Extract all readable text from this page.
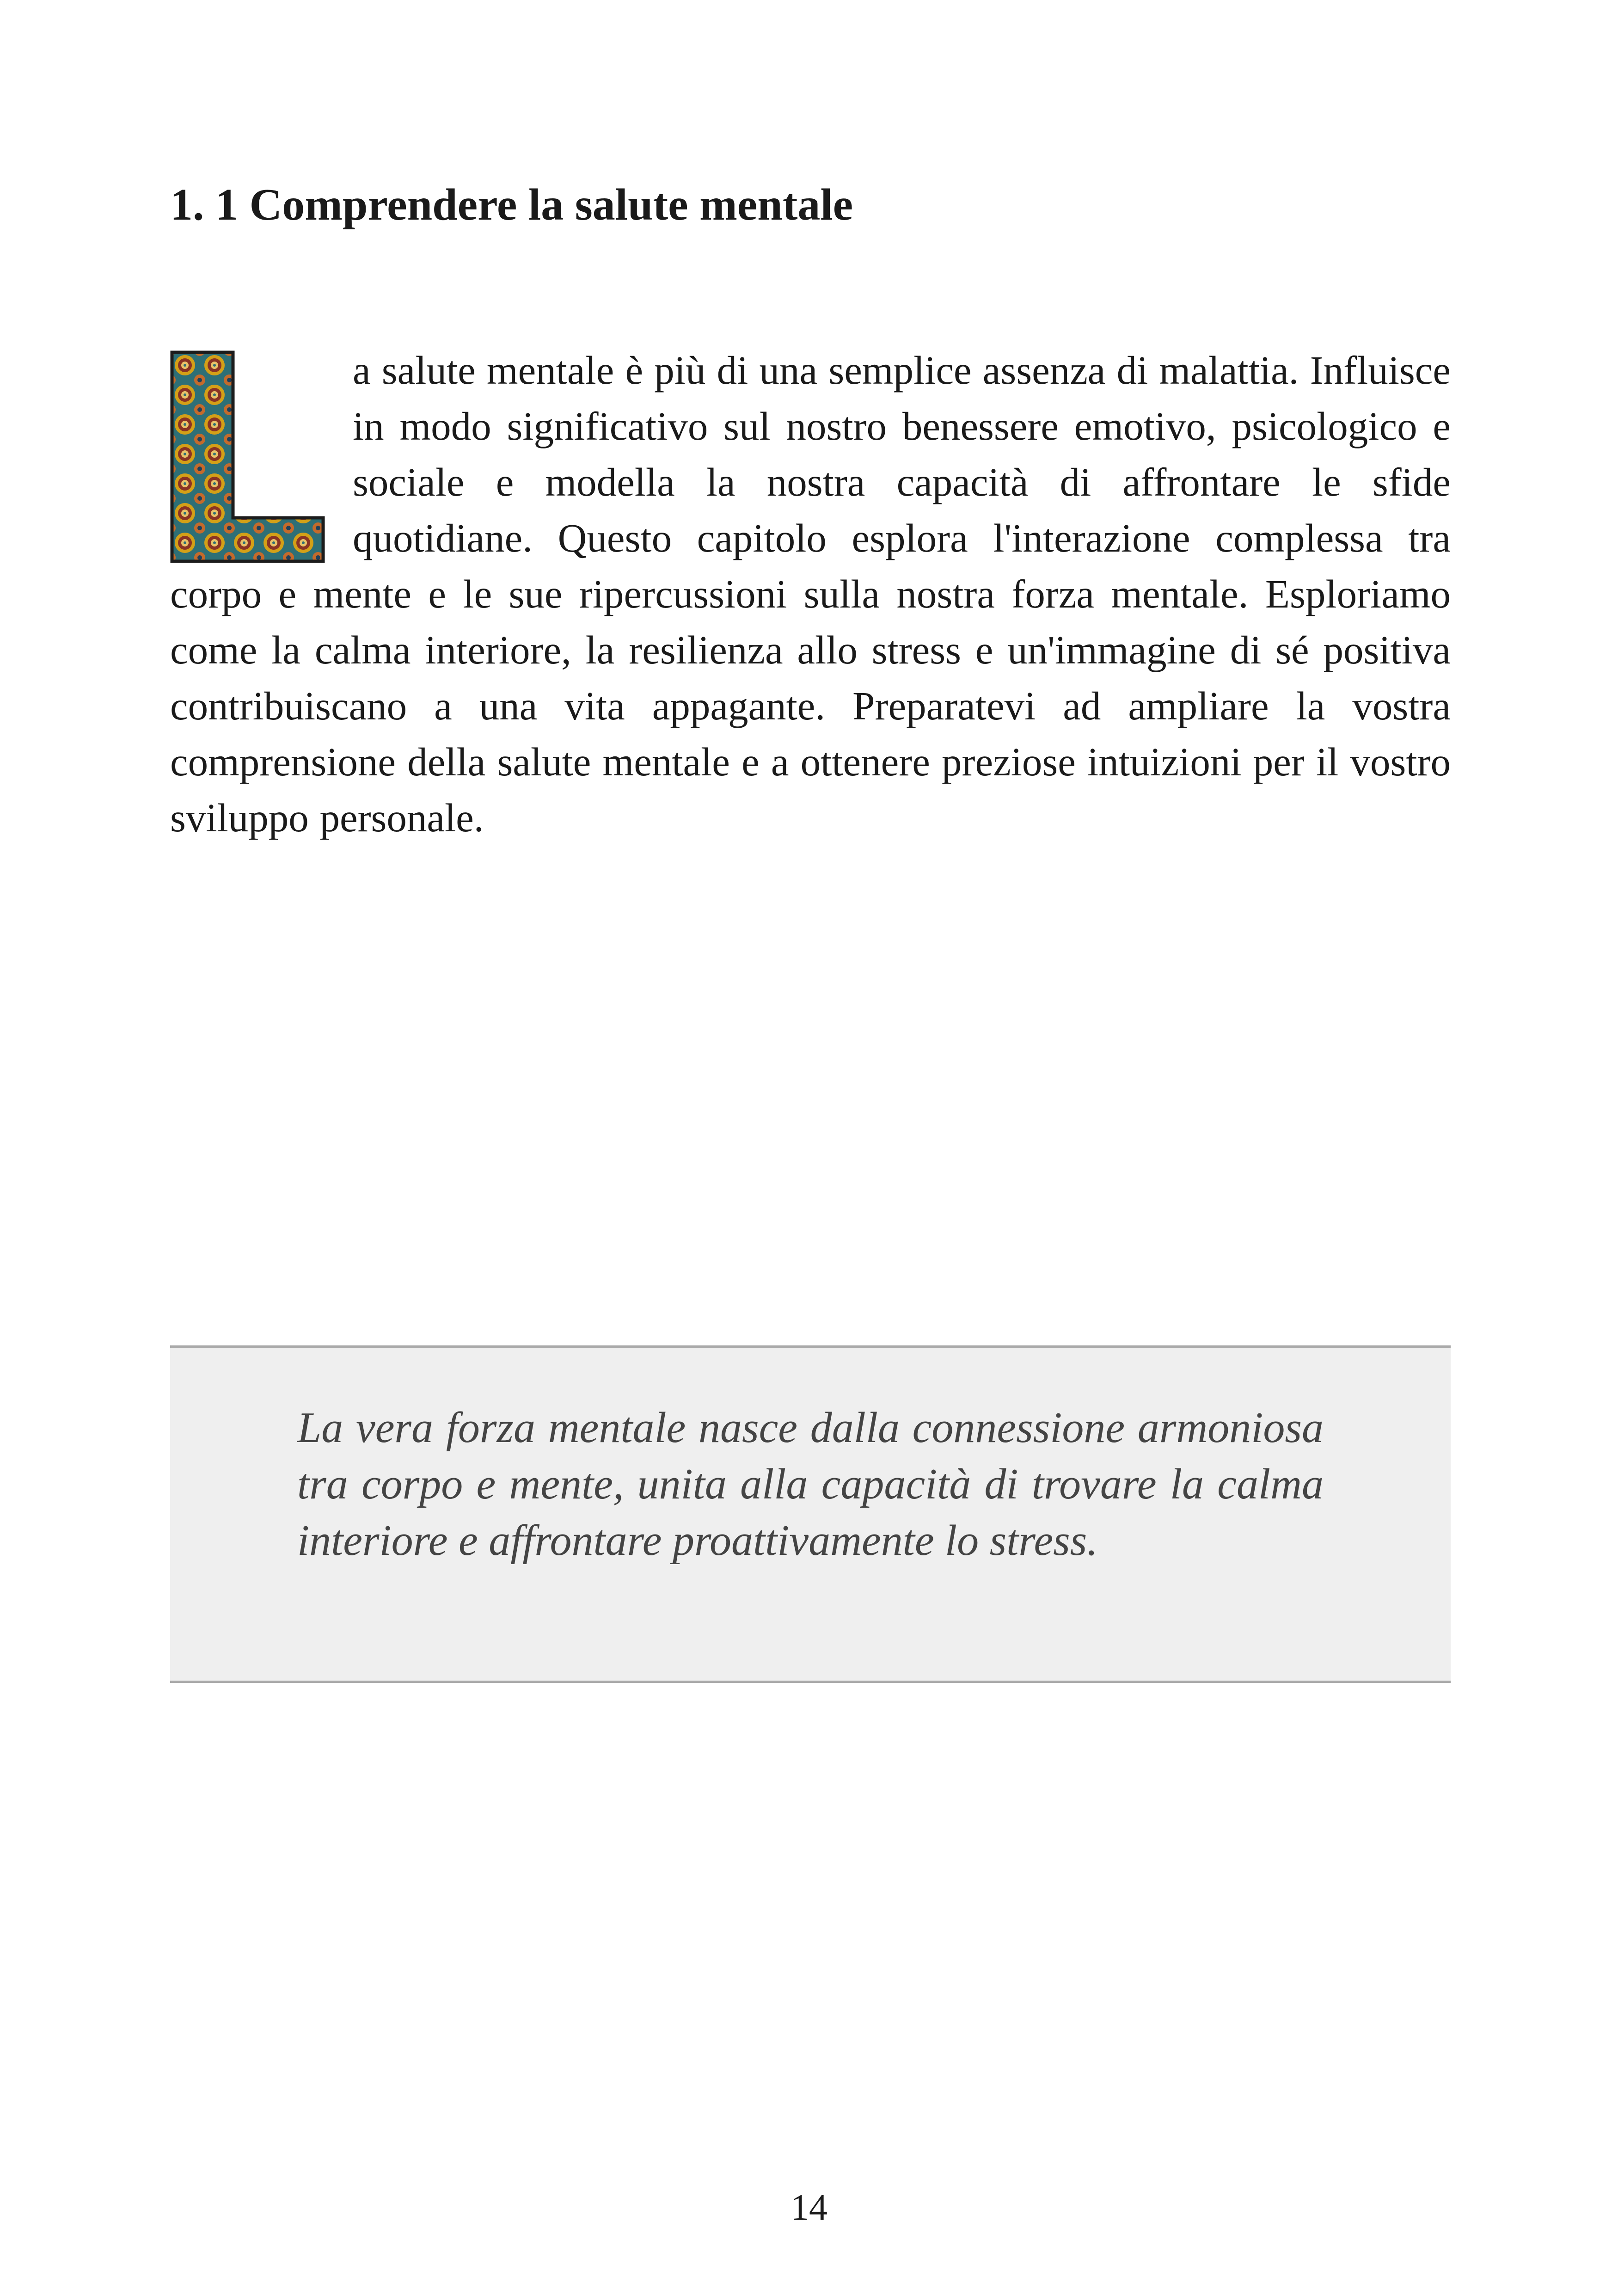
1. 1 Comprendere la salute mentale

a salute mentale è più di una semplice assenza di malattia. Influisce in modo significativo sul nostro benessere emotivo, psicologico e sociale e modella la nostra capacità di affrontare le sfide quotidiane. Questo capitolo esplora l'interazione complessa tra corpo e mente e le sue ripercussioni sulla nostra forza mentale. Esploriamo come la calma interiore, la resilienza allo stress e un'immagine di sé positiva contribuiscano a una vita appagante. Preparatevi ad ampliare la vostra comprensione della salute mentale e a ottenere preziose intuizioni per il vostro sviluppo personale.

La vera forza mentale nasce dalla connessione armoniosa tra corpo e mente, unita alla capacità di trovare la calma interiore e affrontare proattivamente lo stress.

14
